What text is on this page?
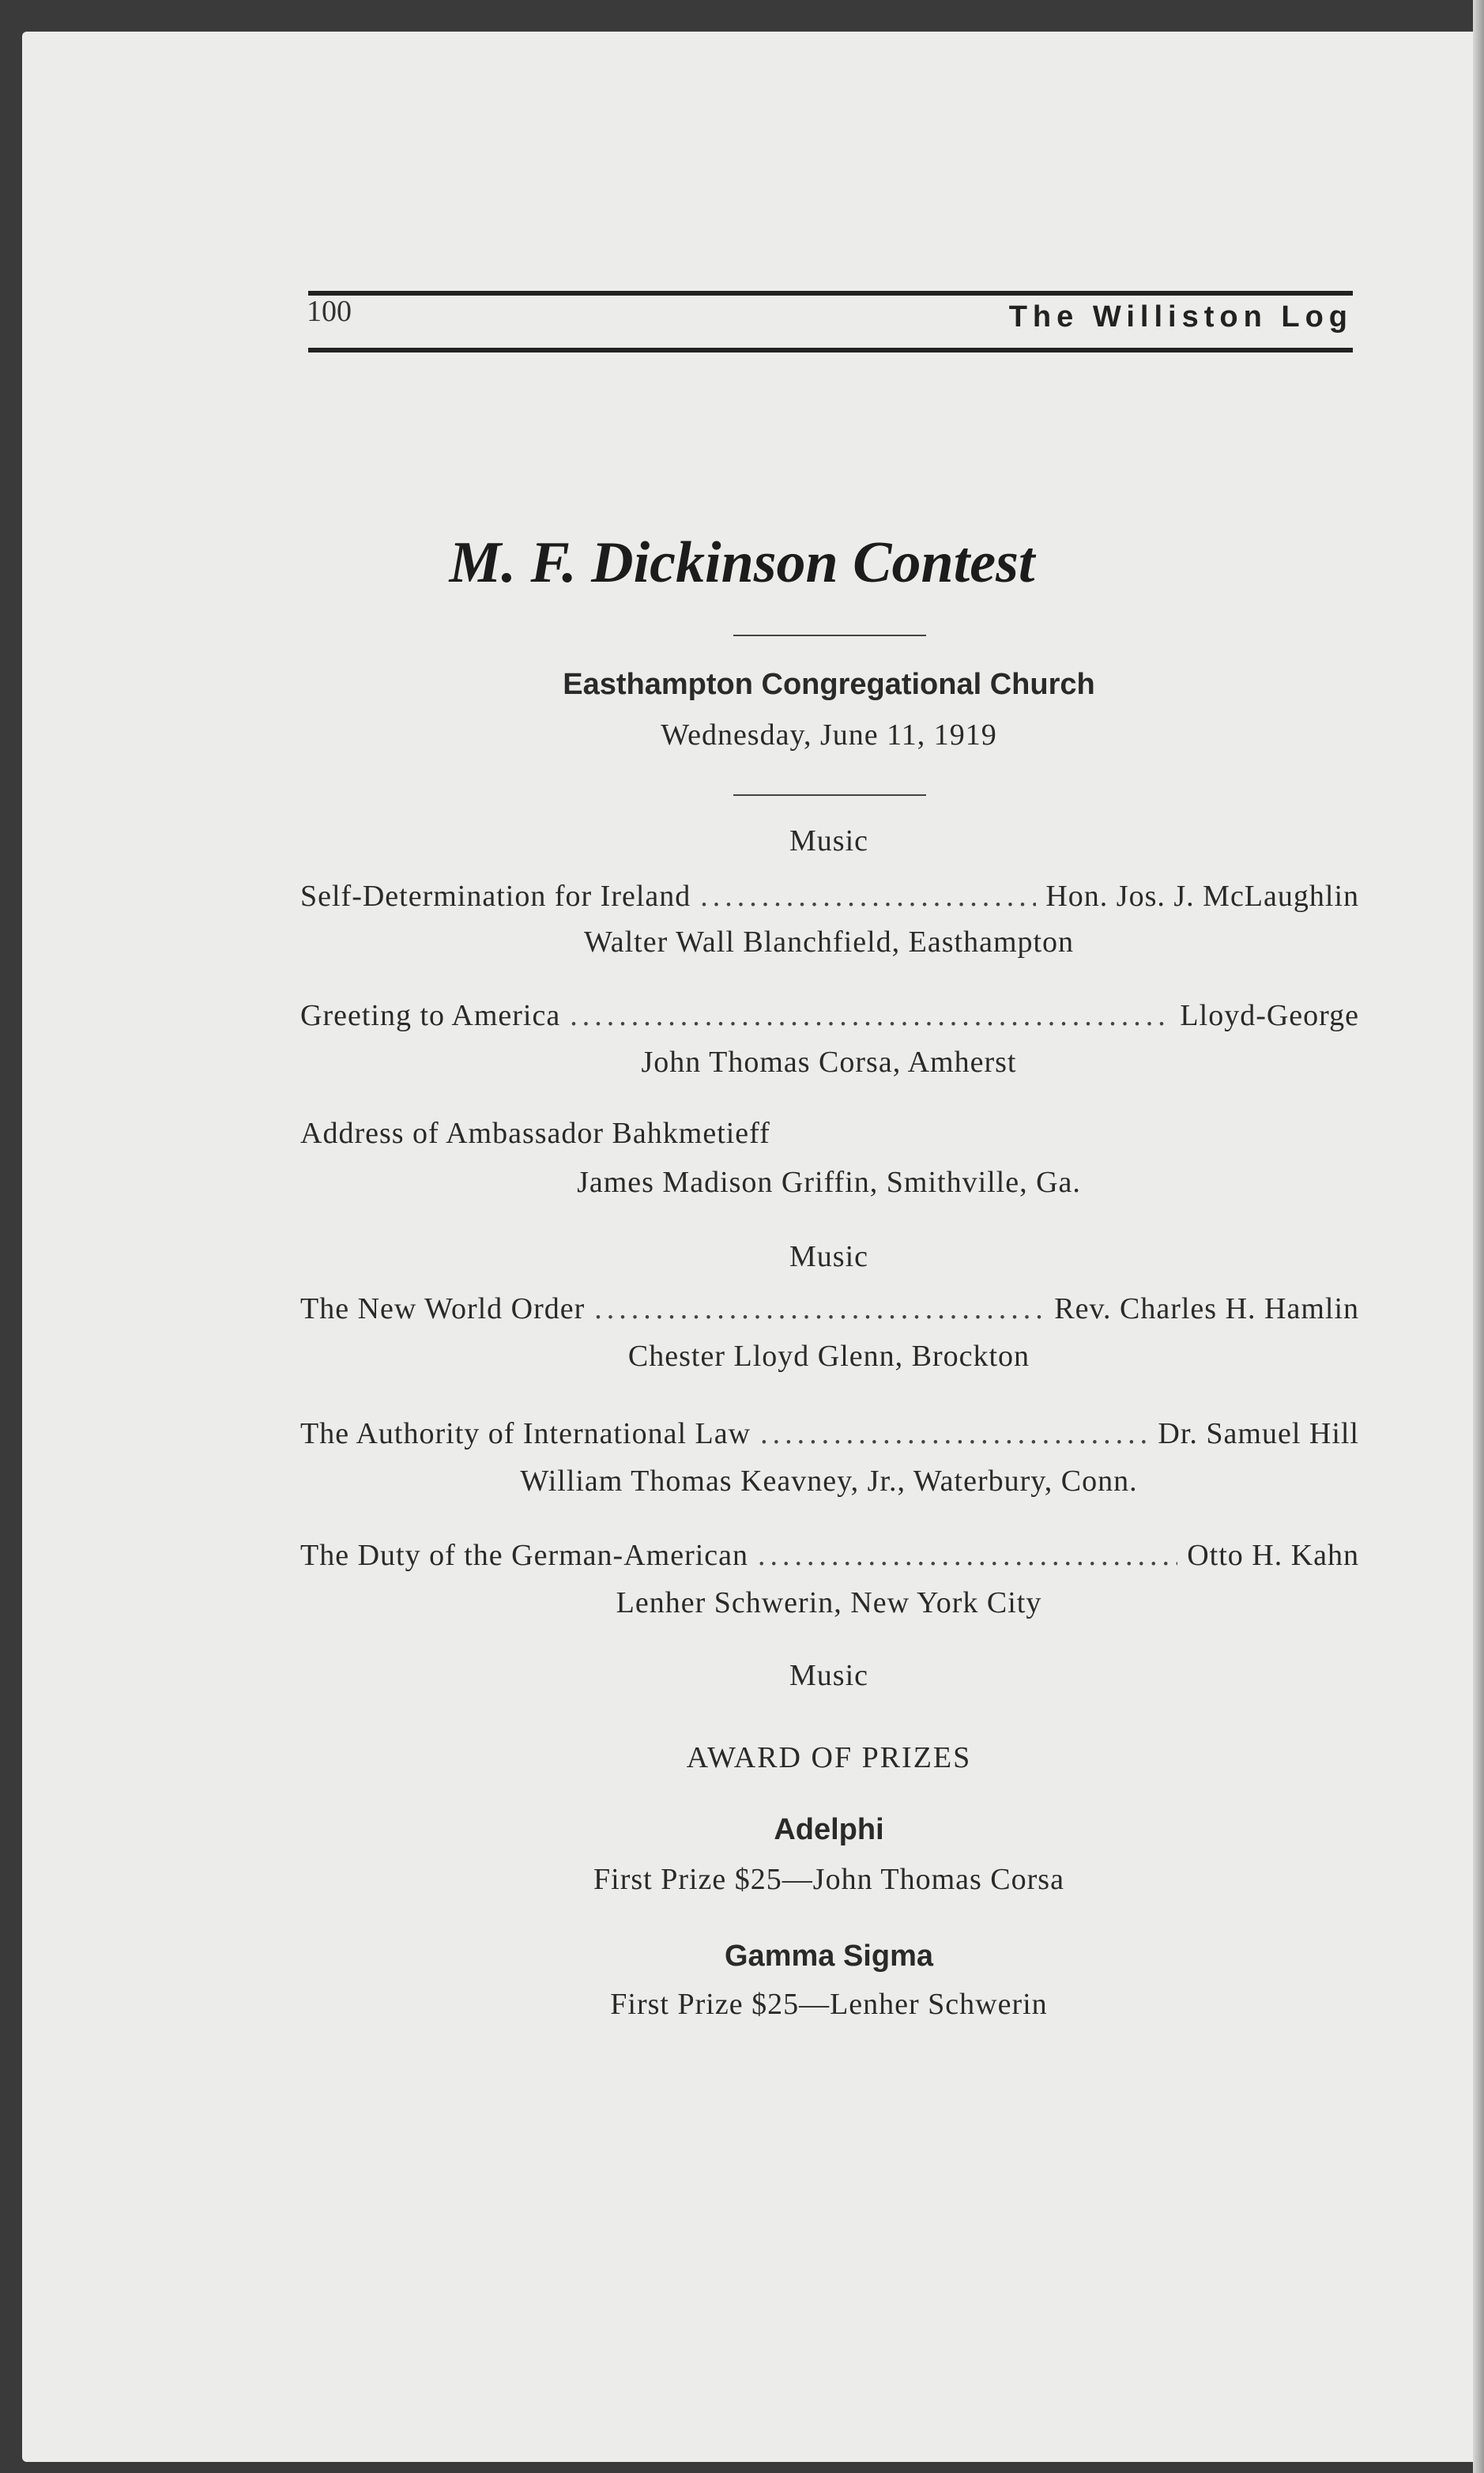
100	The Williston Log
M. F. Dickinson Contest
Easthampton Congregational Church
Wednesday, June 11, 1919
Music
Self-Determination for Ireland .....	Hon. Jos. J. McLaughlin
Walter Wall Blanchfield, Easthampton
Greeting to America .....	Lloyd-George
John Thomas Corsa, Amherst
Address of Ambassador Bahkmetieff
James Madison Griffin, Smithville, Ga.
Music
The New World Order .....	Rev. Charles H. Hamlin
Chester Lloyd Glenn, Brockton
The Authority of International Law .....	Dr. Samuel Hill
William Thomas Keavney, Jr., Waterbury, Conn.
The Duty of the German-American .....	Otto H. Kahn
Lenher Schwerin, New York City
Music
AWARD OF PRIZES
Adelphi
First Prize $25—John Thomas Corsa
Gamma Sigma
First Prize $25—Lenher Schwerin
